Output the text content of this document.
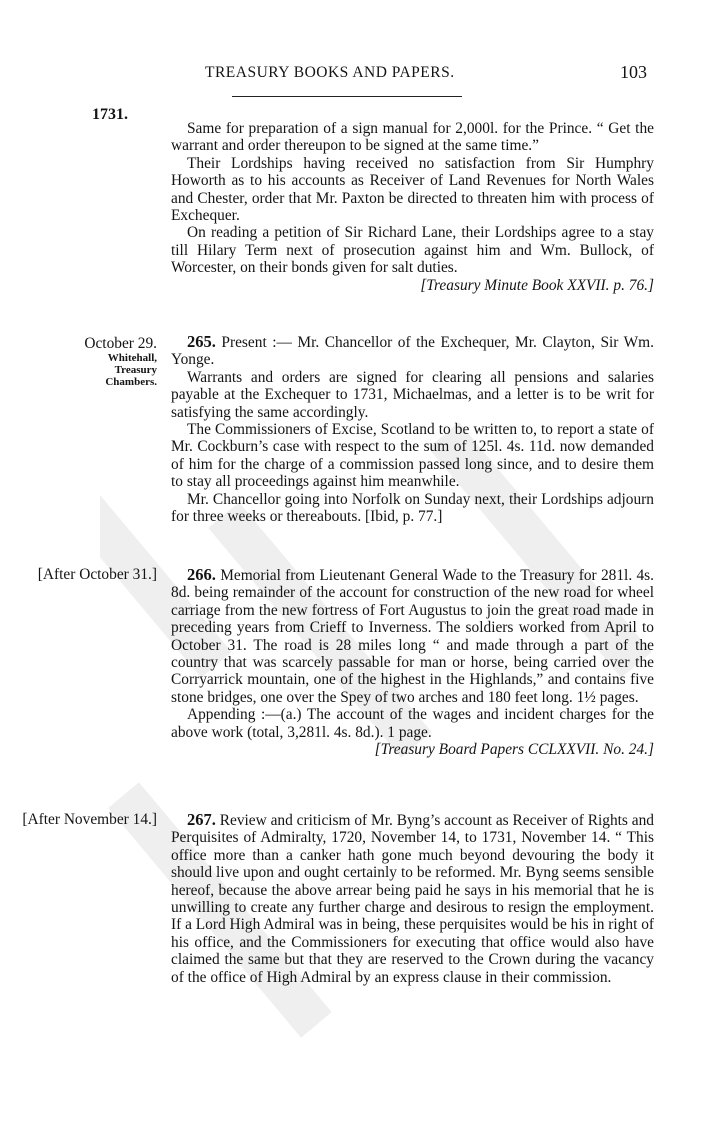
TREASURY BOOKS AND PAPERS.	103
1731.

Same for preparation of a sign manual for 2,000l. for the Prince. “ Get the warrant and order thereupon to be signed at the same time.”

Their Lordships having received no satisfaction from Sir Humphry Howorth as to his accounts as Receiver of Land Revenues for North Wales and Chester, order that Mr. Paxton be directed to threaten him with process of Exchequer.

On reading a petition of Sir Richard Lane, their Lordships agree to a stay till Hilary Term next of prosecution against him and Wm. Bullock, of Worcester, on their bonds given for salt duties.

[Treasury Minute Book XXVII. p. 76.]

October 29.
Whitehall,
Treasury
Chambers.

265. Present :— Mr. Chancellor of the Exchequer, Mr. Clayton, Sir Wm. Yonge.

Warrants and orders are signed for clearing all pensions and salaries payable at the Exchequer to 1731, Michaelmas, and a letter is to be writ for satisfying the same accordingly.

The Commissioners of Excise, Scotland to be written to, to report a state of Mr. Cockburn’s case with respect to the sum of 125l. 4s. 11d. now demanded of him for the charge of a commission passed long since, and to desire them to stay all proceedings against him meanwhile.

Mr. Chancellor going into Norfolk on Sunday next, their Lordships adjourn for three weeks or thereabouts. [Ibid, p. 77.]

[After October 31.]	266. Memorial from Lieutenant General Wade to the Treasury for 281l. 4s. 8d. being remainder of the account for construction of the new road for wheel carriage from the new fortress of Fort Augustus to join the great road made in preceding years from Crieff to Inverness. The soldiers worked from April to October 31. The road is 28 miles long “ and made through a part of the country that was scarcely passable for man or horse, being carried over the Corryarrick mountain, one of the highest in the Highlands,” and contains five stone bridges, one over the Spey of two arches and 180 feet long. 1½ pages.

Appending :—(a.) The account of the wages and incident charges for the above work (total, 3,281l. 4s. 8d.). 1 page.

[Treasury Board Papers CCLXXVII. No. 24.]

[After November 14.]	267. Review and criticism of Mr. Byng’s account as Receiver of Rights and Perquisites of Admiralty, 1720, November 14, to 1731, November 14. “ This office more than a canker hath gone much beyond devouring the body it should live upon and ought certainly to be reformed. Mr. Byng seems sensible hereof, because the above arrear being paid he says in his memorial that he is unwilling to create any further charge and desirous to resign the employment. If a Lord High Admiral was in being, these perquisites would be his in right of his office, and the Commissioners for executing that office would also have claimed the same but that they are reserved to the Crown during the vacancy of the office of High Admiral by an express clause in their commission.
